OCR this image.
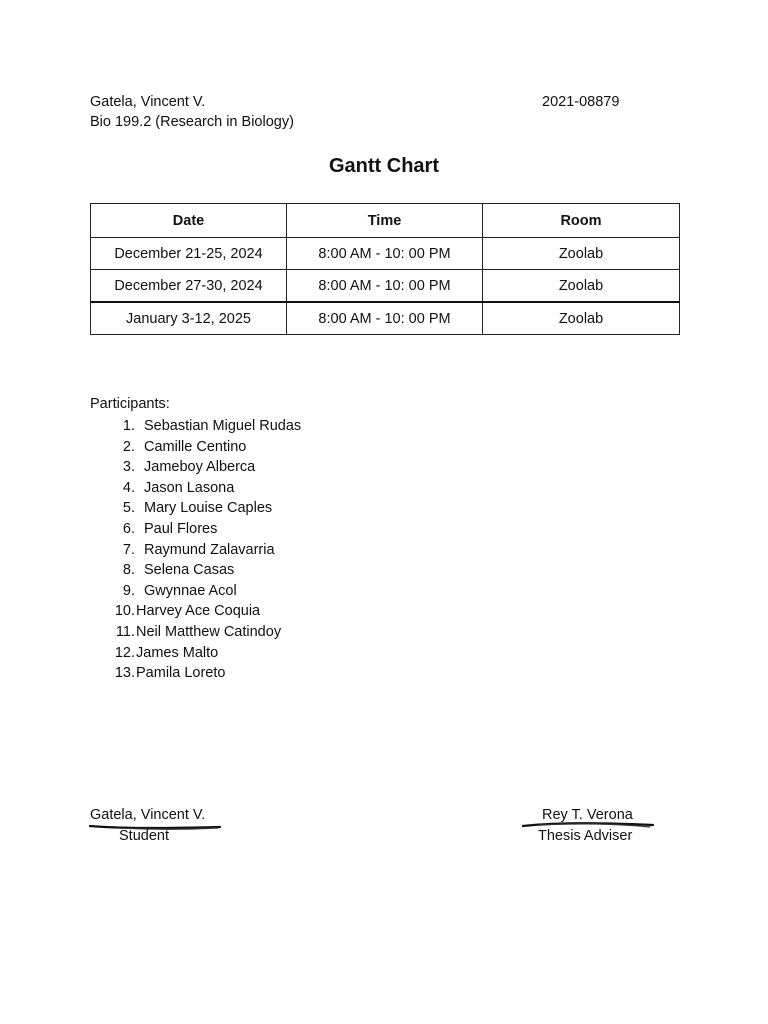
Gatela, Vincent V.
Bio 199.2 (Research in Biology)
2021-08879
Gantt Chart
Date	Time	Room
December 21-25, 2024	8:00 AM - 10: 00 PM	Zoolab
December 27-30, 2024	8:00 AM - 10: 00 PM	Zoolab
January 3-12, 2025	8:00 AM - 10: 00 PM	Zoolab
Participants:
1. Sebastian Miguel Rudas
2. Camille Centino
3. Jameboy Alberca
4. Jason Lasona
5. Mary Louise Caples
6. Paul Flores
7. Raymund Zalavarria
8. Selena Casas
9. Gwynnae Acol
10. Harvey Ace Coquia
11. Neil Matthew Catindoy
12. James Malto
13. Pamila Loreto
Gatela, Vincent V.
Student
Rey T. Verona
Thesis Adviser
